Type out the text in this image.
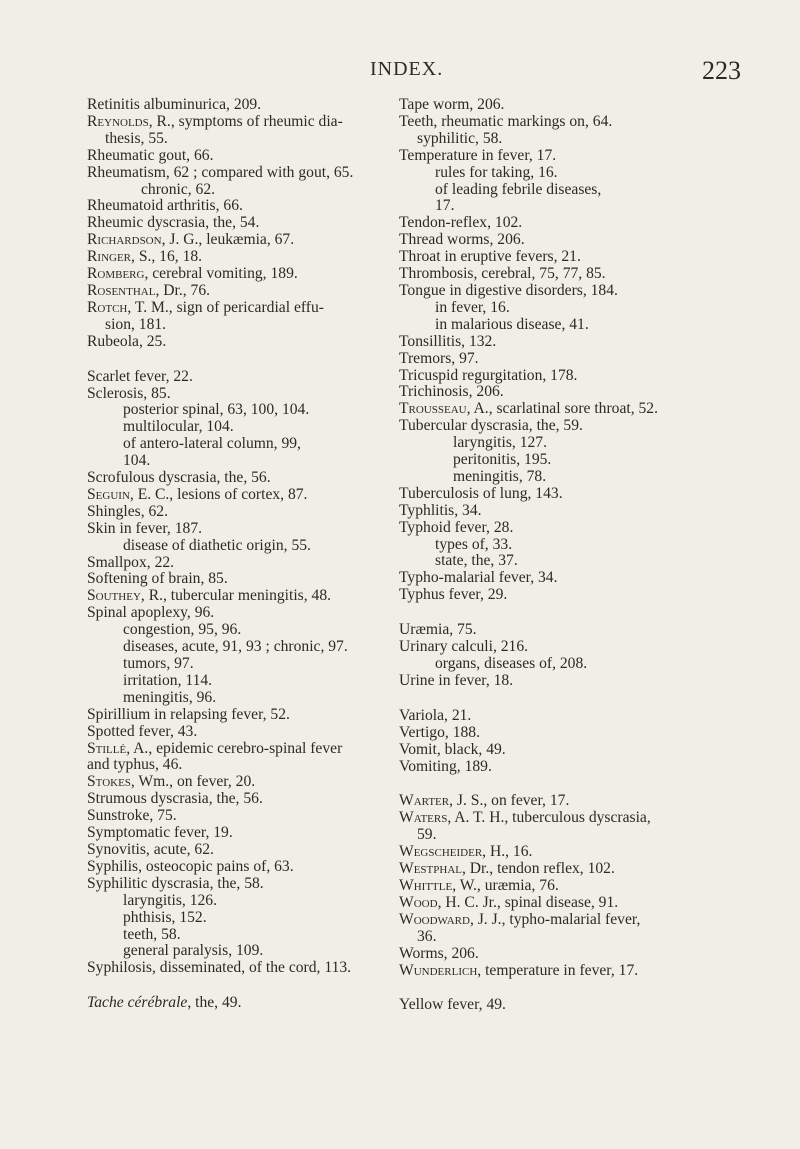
INDEX.	223
Retinitis albuminurica, 209.
Reynolds, R., symptoms of rheumic dia-
thesis, 55.
Rheumatic gout, 66.
Rheumatism, 62 ; compared with gout, 65.
chronic, 62.
Rheumatoid arthritis, 66.
Rheumic dyscrasia, the, 54.
Richardson, J. G., leukæmia, 67.
Ringer, S., 16, 18.
Romberg, cerebral vomiting, 189.
Rosenthal, Dr., 76.
Rotch, T. M., sign of pericardial effu-
sion, 181.
Rubeola, 25.
Scarlet fever, 22.
Sclerosis, 85.
posterior spinal, 63, 100, 104.
multilocular, 104.
of antero-lateral column, 99,
104.
Scrofulous dyscrasia, the, 56.
Seguin, E. C., lesions of cortex, 87.
Shingles, 62.
Skin in fever, 187.
disease of diathetic origin, 55.
Smallpox, 22.
Softening of brain, 85.
Southey, R., tubercular meningitis, 48.
Spinal apoplexy, 96.
congestion, 95, 96.
diseases, acute, 91, 93 ; chronic, 97.
tumors, 97.
irritation, 114.
meningitis, 96.
Spirillium in relapsing fever, 52.
Spotted fever, 43.
Stillé, A., epidemic cerebro-spinal fever
and typhus, 46.
Stokes, Wm., on fever, 20.
Strumous dyscrasia, the, 56.
Sunstroke, 75.
Symptomatic fever, 19.
Synovitis, acute, 62.
Syphilis, osteocopic pains of, 63.
Syphilitic dyscrasia, the, 58.
laryngitis, 126.
phthisis, 152.
teeth, 58.
general paralysis, 109.
Syphilosis, disseminated, of the cord, 113.
Tache cérébrale, the, 49.
Tape worm, 206.
Teeth, rheumatic markings on, 64.
syphilitic, 58.
Temperature in fever, 17.
rules for taking, 16.
of leading febrile diseases,
17.
Tendon-reflex, 102.
Thread worms, 206.
Throat in eruptive fevers, 21.
Thrombosis, cerebral, 75, 77, 85.
Tongue in digestive disorders, 184.
in fever, 16.
in malarious disease, 41.
Tonsillitis, 132.
Tremors, 97.
Tricuspid regurgitation, 178.
Trichinosis, 206.
Trousseau, A., scarlatinal sore throat, 52.
Tubercular dyscrasia, the, 59.
laryngitis, 127.
peritonitis, 195.
meningitis, 78.
Tuberculosis of lung, 143.
Typhlitis, 34.
Typhoid fever, 28.
types of, 33.
state, the, 37.
Typho-malarial fever, 34.
Typhus fever, 29.
Uræmia, 75.
Urinary calculi, 216.
organs, diseases of, 208.
Urine in fever, 18.
Variola, 21.
Vertigo, 188.
Vomit, black, 49.
Vomiting, 189.
Warter, J. S., on fever, 17.
Waters, A. T. H., tuberculous dyscrasia,
59.
Wegscheider, H., 16.
Westphal, Dr., tendon reflex, 102.
Whittle, W., uræmia, 76.
Wood, H. C. Jr., spinal disease, 91.
Woodward, J. J., typho-malarial fever,
36.
Worms, 206.
Wunderlich, temperature in fever, 17.
Yellow fever, 49.
